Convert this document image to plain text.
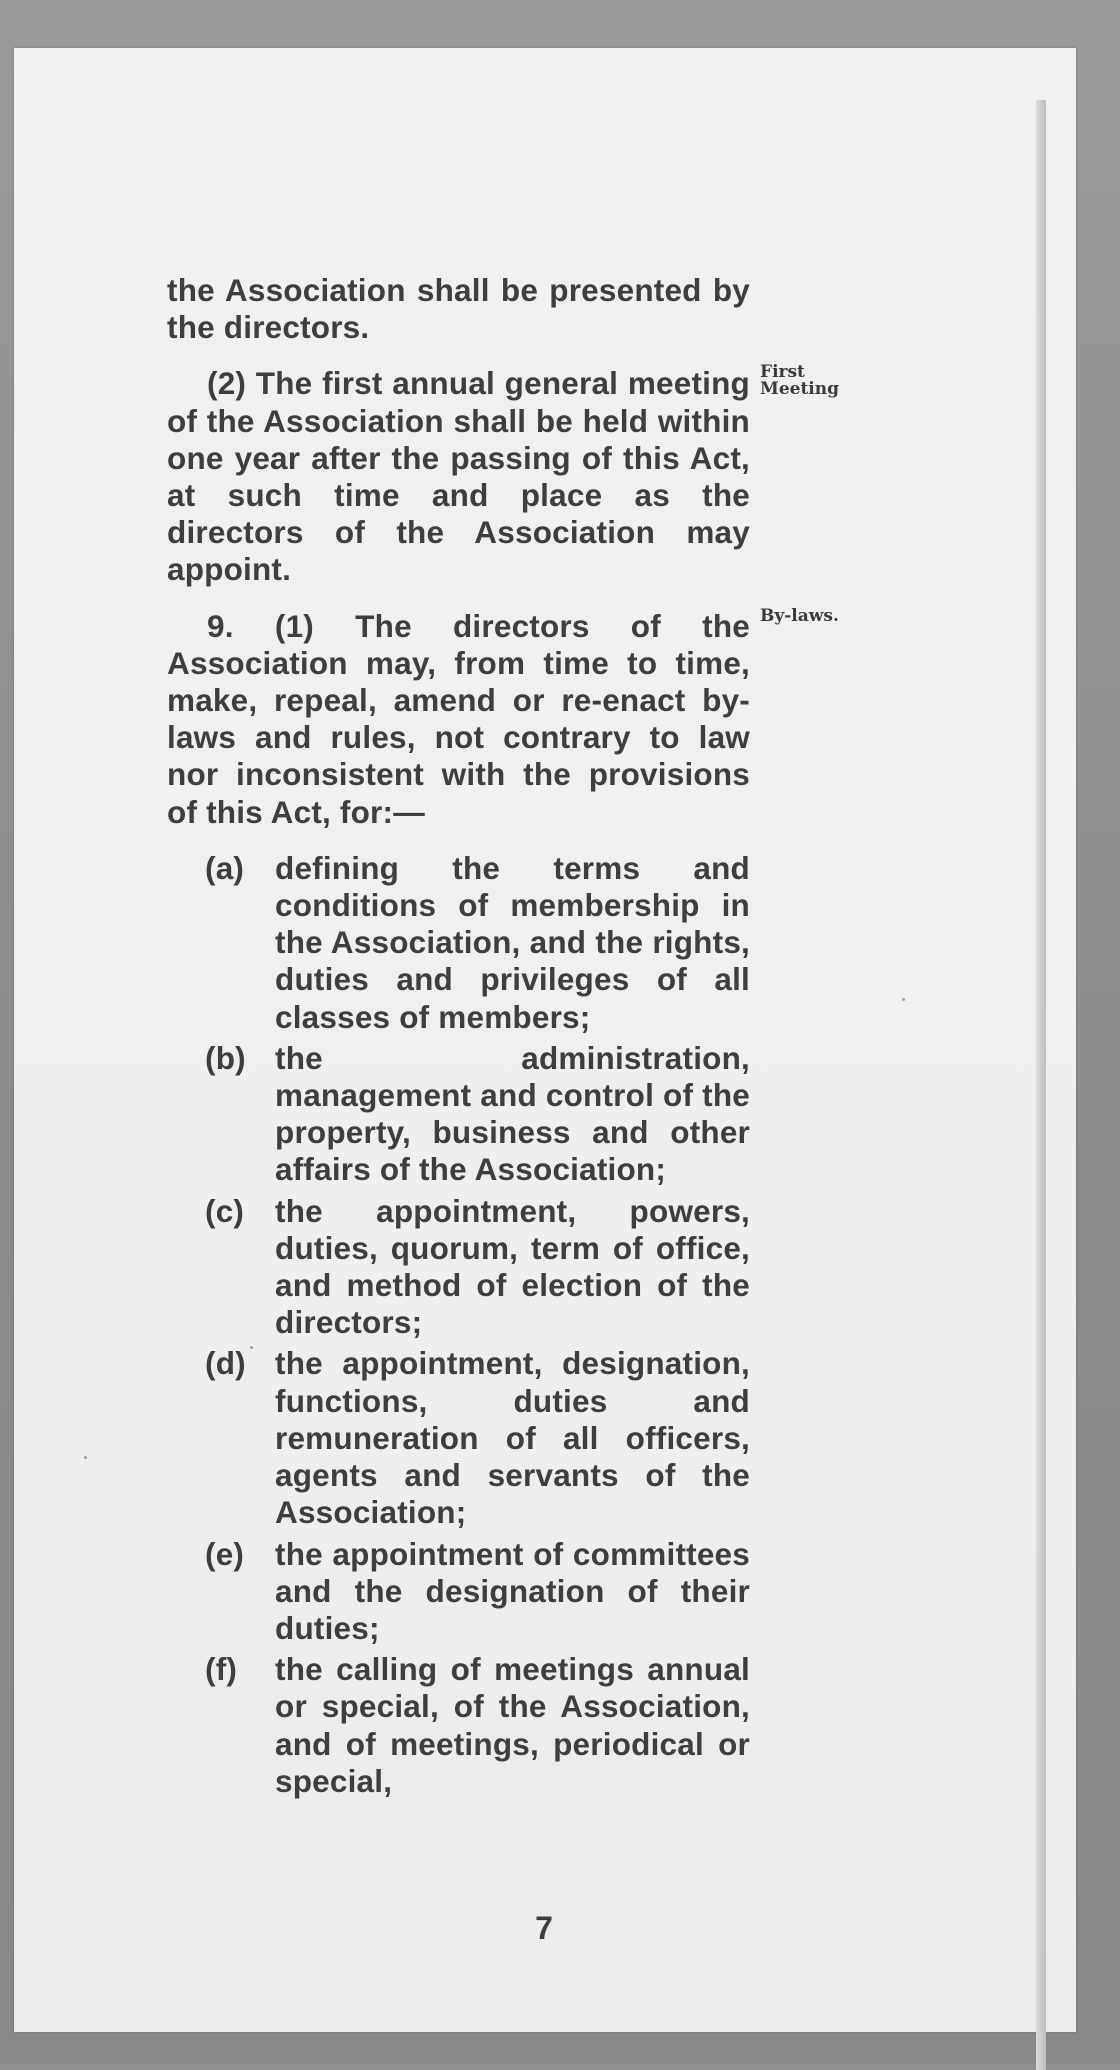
the Association shall be presented by the directors.

(2) The first annual general meeting of the Association shall be held within one year after the passing of this Act, at such time and place as the directors of the Association may appoint.

9. (1) The directors of the Association may, from time to time, make, repeal, amend or re-enact by-laws and rules, not contrary to law nor inconsistent with the provisions of this Act, for:—

(a) defining the terms and conditions of membership in the Association, and the rights, duties and privileges of all classes of members;
(b) the administration, management and control of the property, business and other affairs of the Association;
(c) the appointment, powers, duties, quorum, term of office, and method of election of the directors;
(d) the appointment, designation, functions, duties and remuneration of all officers, agents and servants of the Association;
(e) the appointment of committees and the designation of their duties;
(f) the calling of meetings annual or special, of the Association, and of meetings, periodical or special,
First Meeting
By-laws.
7
